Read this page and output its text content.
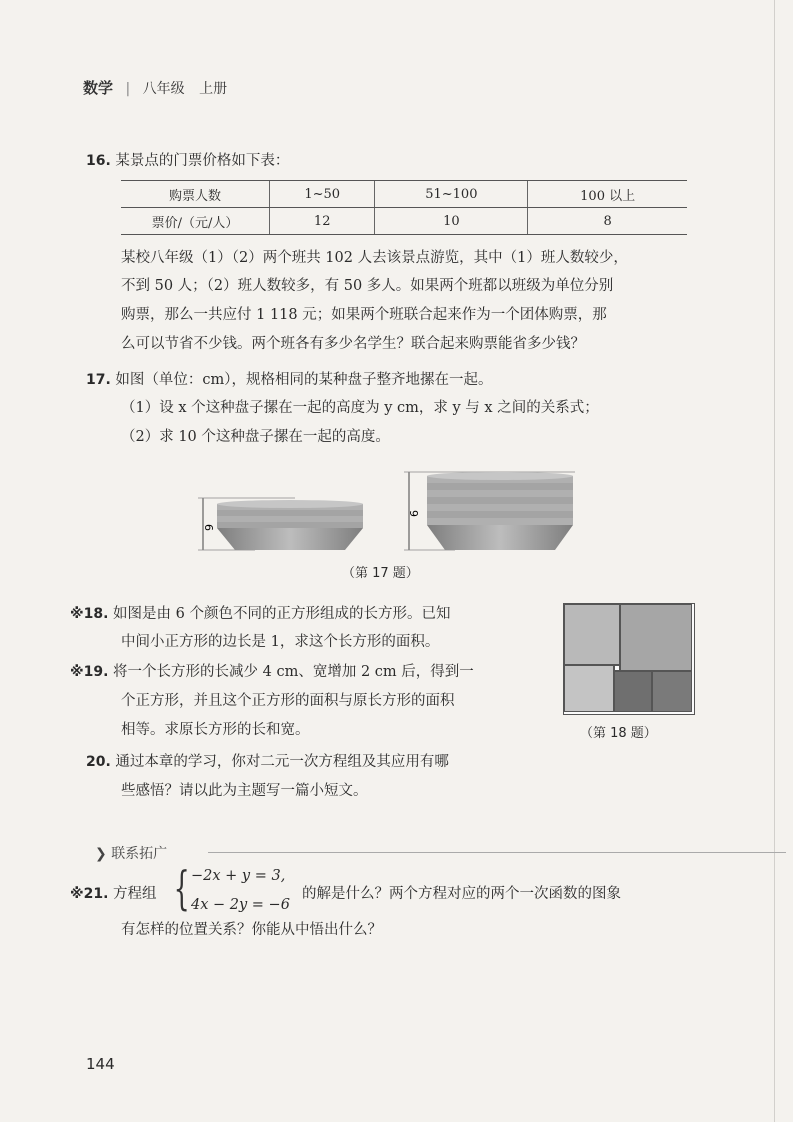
数学 | 八年级 上册
16. 某景点的门票价格如下表：
购票人数	1~50	51~100	100 以上
票价/（元/人）	12	10	8
某校八年级（1）（2）两个班共 102 人去该景点游览，其中（1）班人数较少，
不到 50 人；（2）班人数较多，有 50 多人。如果两个班都以班级为单位分别
购票，那么一共应付 1 118 元；如果两个班联合起来作为一个团体购票，那
么可以节省不少钱。两个班各有多少名学生？联合起来购票能省多少钱？
17. 如图（单位：cm），规格相同的某种盘子整齐地摞在一起。
（1）设 x 个这种盘子摞在一起的高度为 y cm，求 y 与 x 之间的关系式；
（2）求 10 个这种盘子摞在一起的高度。
6
9
（第 17 题）
※18. 如图是由 6 个颜色不同的正方形组成的长方形。已知
中间小正方形的边长是 1，求这个长方形的面积。
（第 18 题）
※19. 将一个长方形的长减少 4 cm、宽增加 2 cm 后，得到一
个正方形，并且这个正方形的面积与原长方形的面积
相等。求原长方形的长和宽。
20. 通过本章的学习，你对二元一次方程组及其应用有哪
些感悟？请以此为主题写一篇小短文。
❯ 联系拓广
※21. 方程组 { −2x + y = 3,
4x − 2y = −6
的解是什么？两个方程对应的两个一次函数的图象
有怎样的位置关系？你能从中悟出什么？
144
